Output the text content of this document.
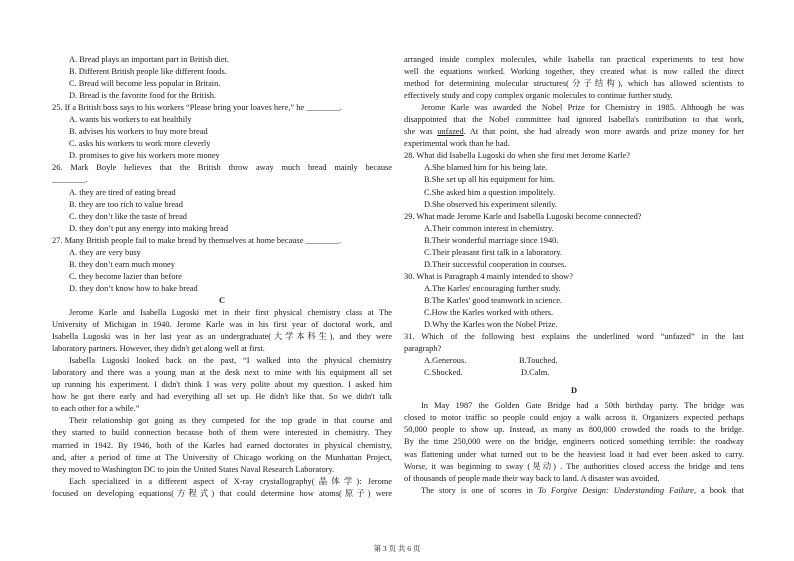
A. Bread plays an important part in British diet.
B. Different British people like different foods.
C. Bread will become less popular in Britain.
D. Bread is the favorite food for the British.
25. If a British boss says to his workers “Please bring your loaves here,” he ________.
A. wants his workers to eat healthily
B. advises his workers to buy more bread
C. asks his workers to work more cleverly
D. promises to give his workers more money
26. Mark Boyle believes that the British throw away much bread mainly because
________.
A. they are tired of eating bread
B. they are too rich to value bread
C. they don’t like the taste of bread
D. they don’t put any energy into making bread
27. Many British people fail to make bread by themselves at home because ________.
A. they are very busy
B. they don’t earn much money
C. they become lazier than before
D. they don’t know how to bake bread
C
Jerome Karle and Isabella Lugoski met in their first physical chemistry class at The
University of Michigan in 1940. Jerome Karle was in his first year of doctoral work, and
Isabella Lugoski was in her last year as an undergraduate(大学本科生), and they were
laboratory partners. However, they didn't get along well at first.
Isabella Lugoski looked back on the past, “I walked into the physical chemistry
laboratory and there was a young man at the desk next to mine with his equipment all set
up running his experiment. I didn't think I was very polite about my question. I asked him
how he got there early and had everything all set up. He didn't like that. So we didn't talk
to each other for a while.”
Their relationship got going as they competed for the top grade in that course and
they started to build connection because both of them were interested in chemistry. They
married in 1942. By 1946, both of the Karles had earned doctorates in physical chemistry,
and, after a period of time at The University of Chicago working on the Munhattan Project,
they moved to Washington DC to join the United States Naval Research Laboratory.
Each specialized in a different aspect of X-ray crystallography(晶体学): Jerome
focused on developing equations(方程式) that could determine how atoms(原子) were
arranged inside complex molecules, while Isabella ran practical experiments to test how
well the equations worked. Working together, they created what is now called the direct
method for determining molecular structures(分子结构), which has allowed scientists to
effectively study and copy complex organic molecules to continue further study.
Jerome Karle was awarded the Nobel Prize for Chemistry in 1985. Although he was
disappointed that the Nobel committee had ignored Isabella's contribution to that work,
she was unfazed. At that point, she had already won more awards and prize money for her
experimental work than he had.
28. What did Isabella Lugoski do when she first met Jerome Karle?
A.She blamed him for his being late.
B.She set up all his equipment for him.
C.She asked him a question impolitely.
D.She observed his experiment silently.
29. What made Jerome Karle and Isabella Lugoski become connected?
A.Their common interest in chemistry.
B.Their wonderful marriage since 1940.
C.Their pleasant first talk in a laboratory.
D.Their successful cooperation in courses.
30. What is Paragraph 4 mainly intended to show?
A.The Karles' encouraging further study.
B.The Karles' good teamwork in science.
C.How the Karles worked with others.
D.Why the Karles won the Nobel Prize.
31. Which of the following best explains the underlined word “unfazed” in the last
paragraph?
A.Generous.	B.Touched.
C.Shocked.	D.Calm.
D
In May 1987 the Golden Gate Bridge had a 50th birthday party. The bridge was
closed to motor traffic so people could enjoy a walk across it. Organizers expected perhaps
50,000 people to show up. Instead, as many as 800,000 crowded the roads to the bridge.
By the time 250,000 were on the bridge, engineers noticed something terrible: the roadway
was flattening under what turned out to be the heaviest load it had ever been asked to carry.
Worse, it was beginning to sway (晃动) . The authorities closed access the bridge and tens
of thousands of people made their way back to land. A disaster was avoided.
The story is one of scores in To Forgive Design: Understanding Failure, a book that
第 3 页 共 6 页
